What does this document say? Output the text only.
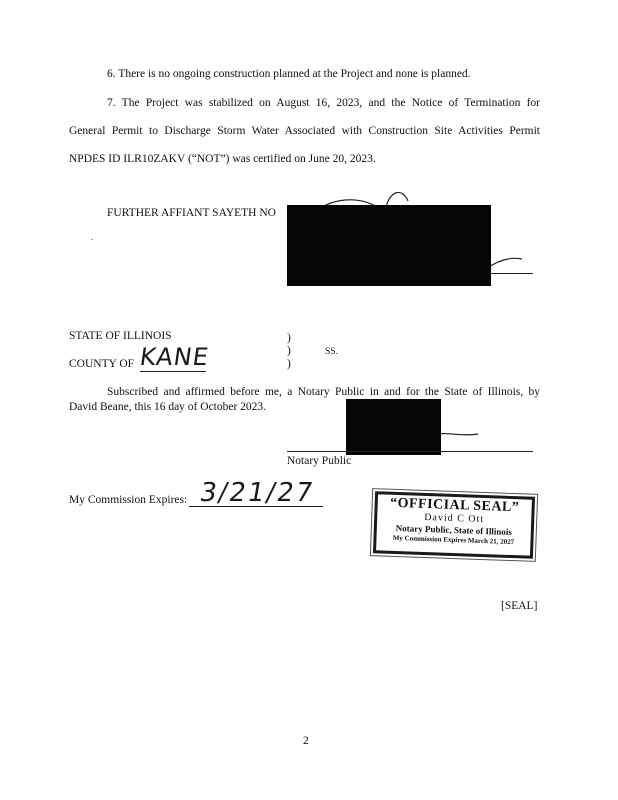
6. There is no ongoing construction planned at the Project and none is planned.
7. The Project was stabilized on August 16, 2023, and the Notice of Termination for
General Permit to Discharge Storm Water Associated with Construction Site Activities Permit
NPDES ID ILR10ZAKV (“NOT”) was certified on June 20, 2023.
FURTHER AFFIANT SAYETH NO
.
STATE OF ILLINOIS
COUNTY OF KANE
)
)
)
SS.
Subscribed and affirmed before me, a Notary Public in and for the State of Illinois, by
David Beane, this 16 day of October 2023.
Notary Public
My Commission Expires: 3/21/27	“OFFICIAL SEAL”
David C Ott
Notary Public, State of Illinois
My Commission Expires March 21, 2027
[SEAL]
2
